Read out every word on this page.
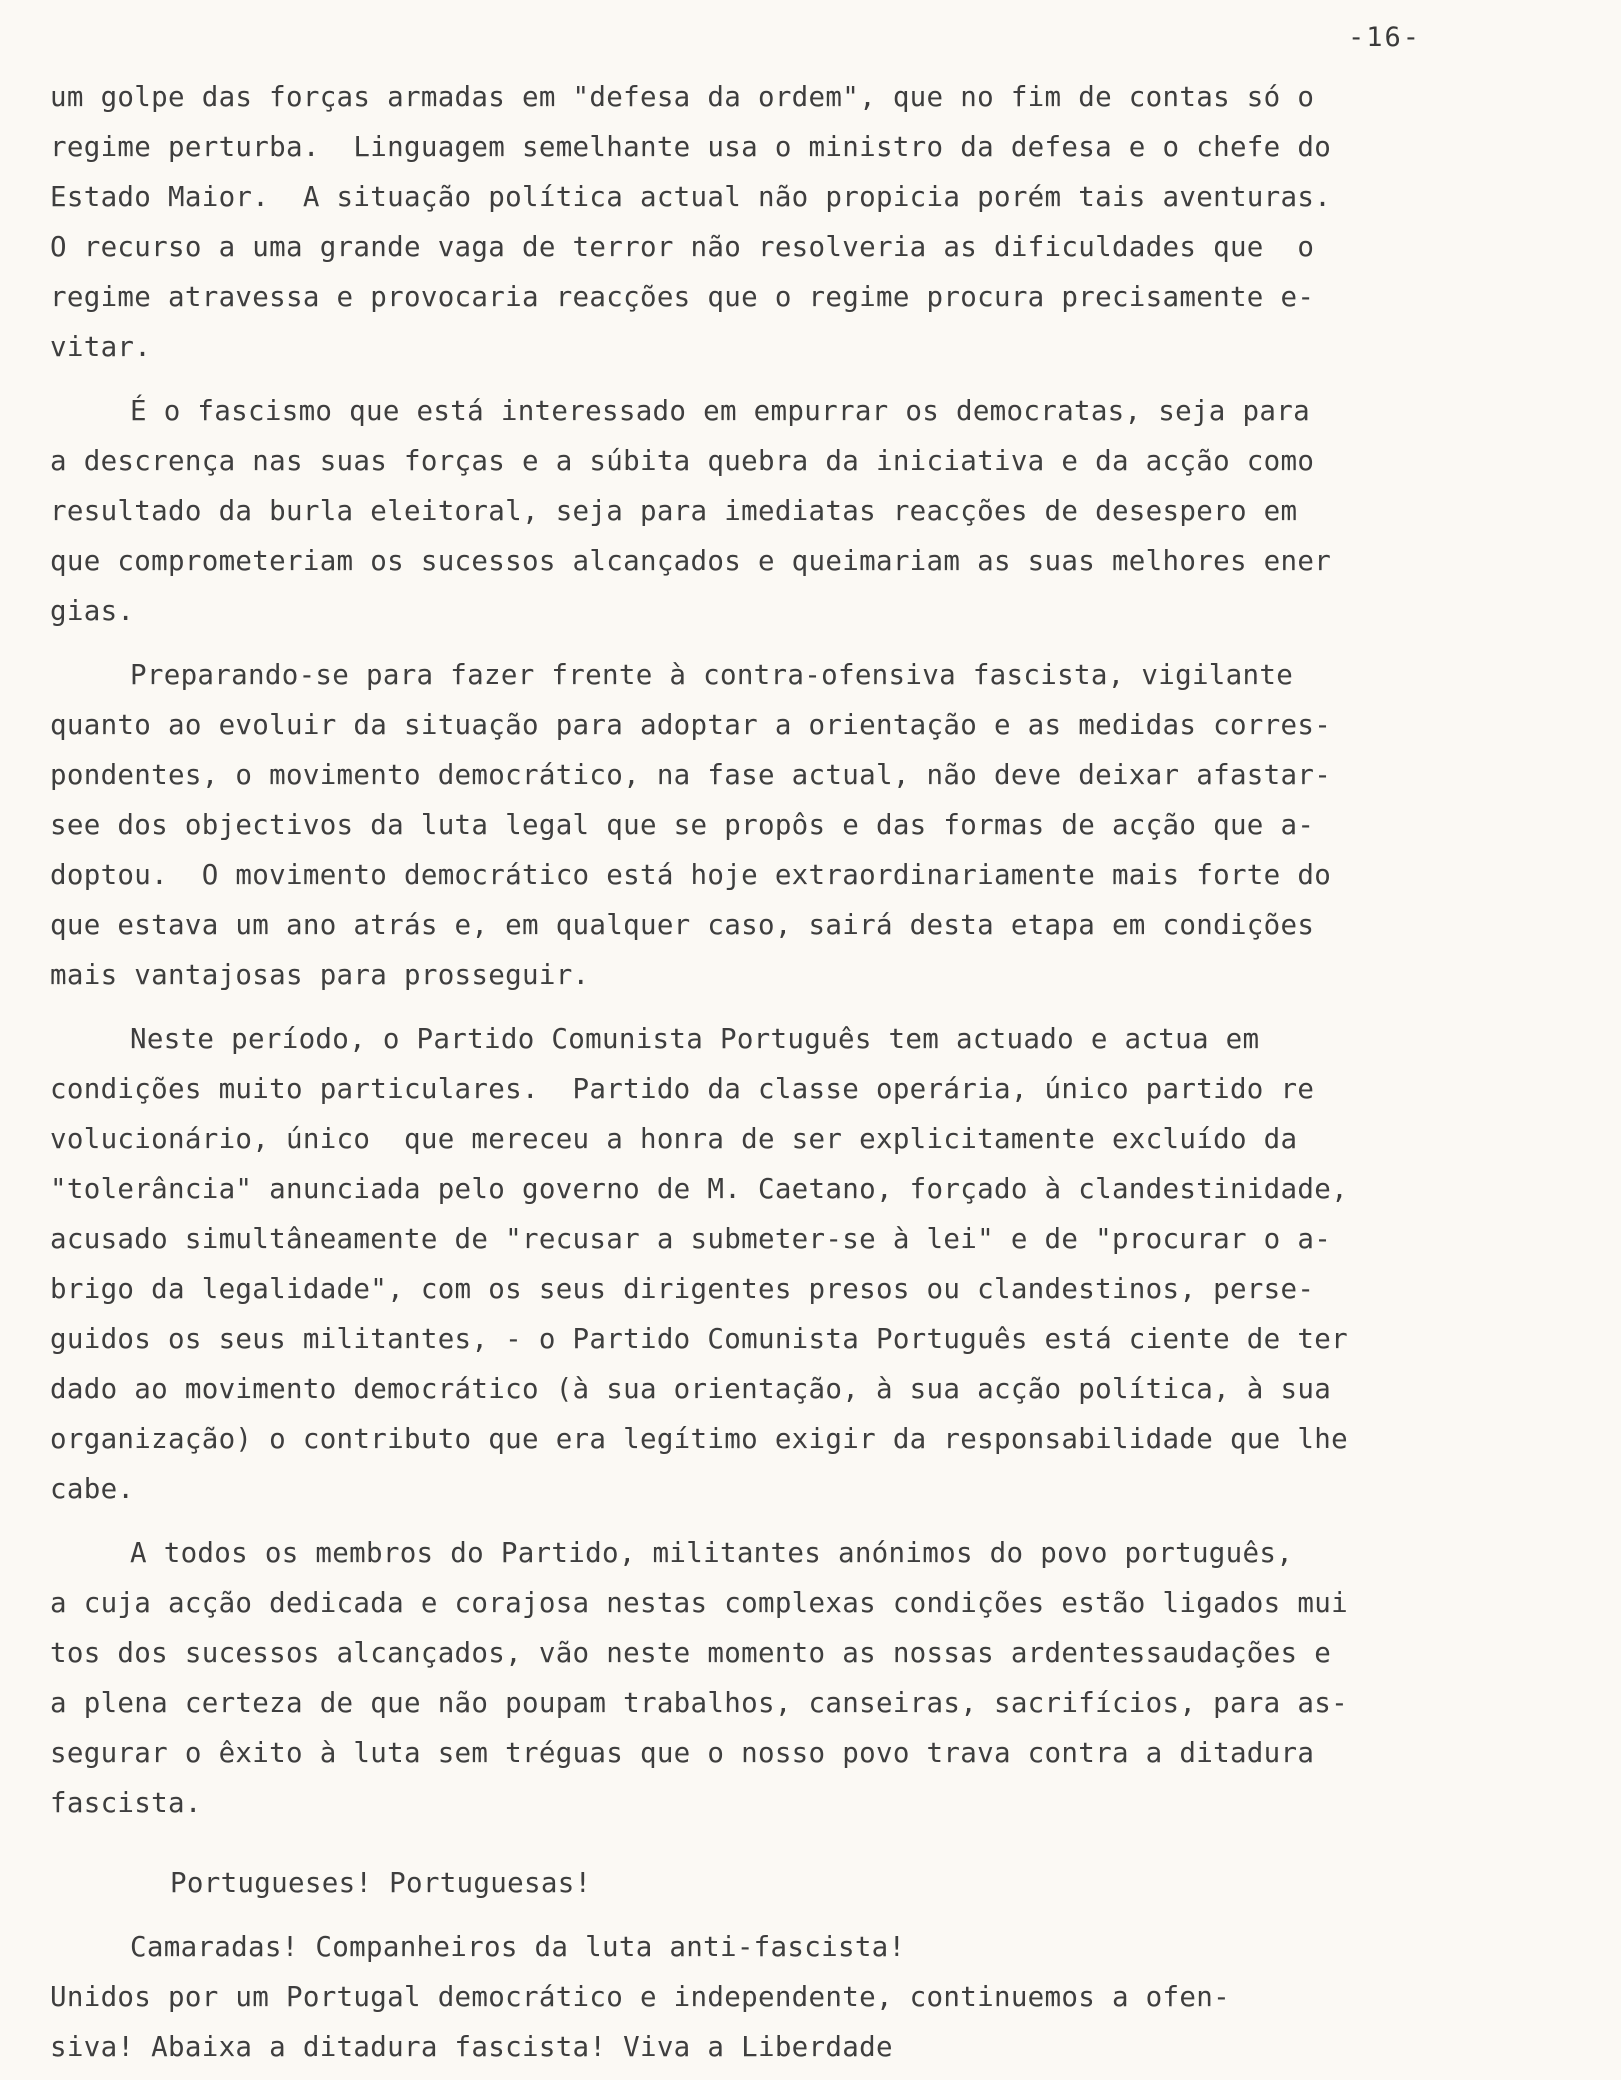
-16-
um golpe das forças armadas em "defesa da ordem", que no fim de contas só o
regime perturba.  Linguagem semelhante usa o ministro da defesa e o chefe do
Estado Maior.  A situação política actual não propicia porém tais aventuras.
O recurso a uma grande vaga de terror não resolveria as dificuldades que  o
regime atravessa e provocaria reacções que o regime procura precisamente e-
vitar.
É o fascismo que está interessado em empurrar os democratas, seja para
a descrença nas suas forças e a súbita quebra da iniciativa e da acção como
resultado da burla eleitoral, seja para imediatas reacções de desespero em
que comprometeriam os sucessos alcançados e queimariam as suas melhores ener
gias.
Preparando-se para fazer frente à contra-ofensiva fascista, vigilante
quanto ao evoluir da situação para adoptar a orientação e as medidas corres-
pondentes, o movimento democrático, na fase actual, não deve deixar afastar-
see dos objectivos da luta legal que se propôs e das formas de acção que a-
doptou.  O movimento democrático está hoje extraordinariamente mais forte do
que estava um ano atrás e, em qualquer caso, sairá desta etapa em condições
mais vantajosas para prosseguir.
Neste período, o Partido Comunista Português tem actuado e actua em
condições muito particulares.  Partido da classe operária, único partido re
volucionário, único  que mereceu a honra de ser explicitamente excluído da
"tolerância" anunciada pelo governo de M. Caetano, forçado à clandestinidade,
acusado simultâneamente de "recusar a submeter-se à lei" e de "procurar o a-
brigo da legalidade", com os seus dirigentes presos ou clandestinos, perse-
guidos os seus militantes, - o Partido Comunista Português está ciente de ter
dado ao movimento democrático (à sua orientação, à sua acção política, à sua
organização) o contributo que era legítimo exigir da responsabilidade que lhe
cabe.
A todos os membros do Partido, militantes anónimos do povo português,
a cuja acção dedicada e corajosa nestas complexas condições estão ligados mui
tos dos sucessos alcançados, vão neste momento as nossas ardentessaudações e
a plena certeza de que não poupam trabalhos, canseiras, sacrifícios, para as-
segurar o êxito à luta sem tréguas que o nosso povo trava contra a ditadura
fascista.
Portugueses! Portuguesas!
Camaradas! Companheiros da luta anti-fascista!
Unidos por um Portugal democrático e independente, continuemos a ofen-
siva! Abaixa a ditadura fascista! Viva a Liberdade
